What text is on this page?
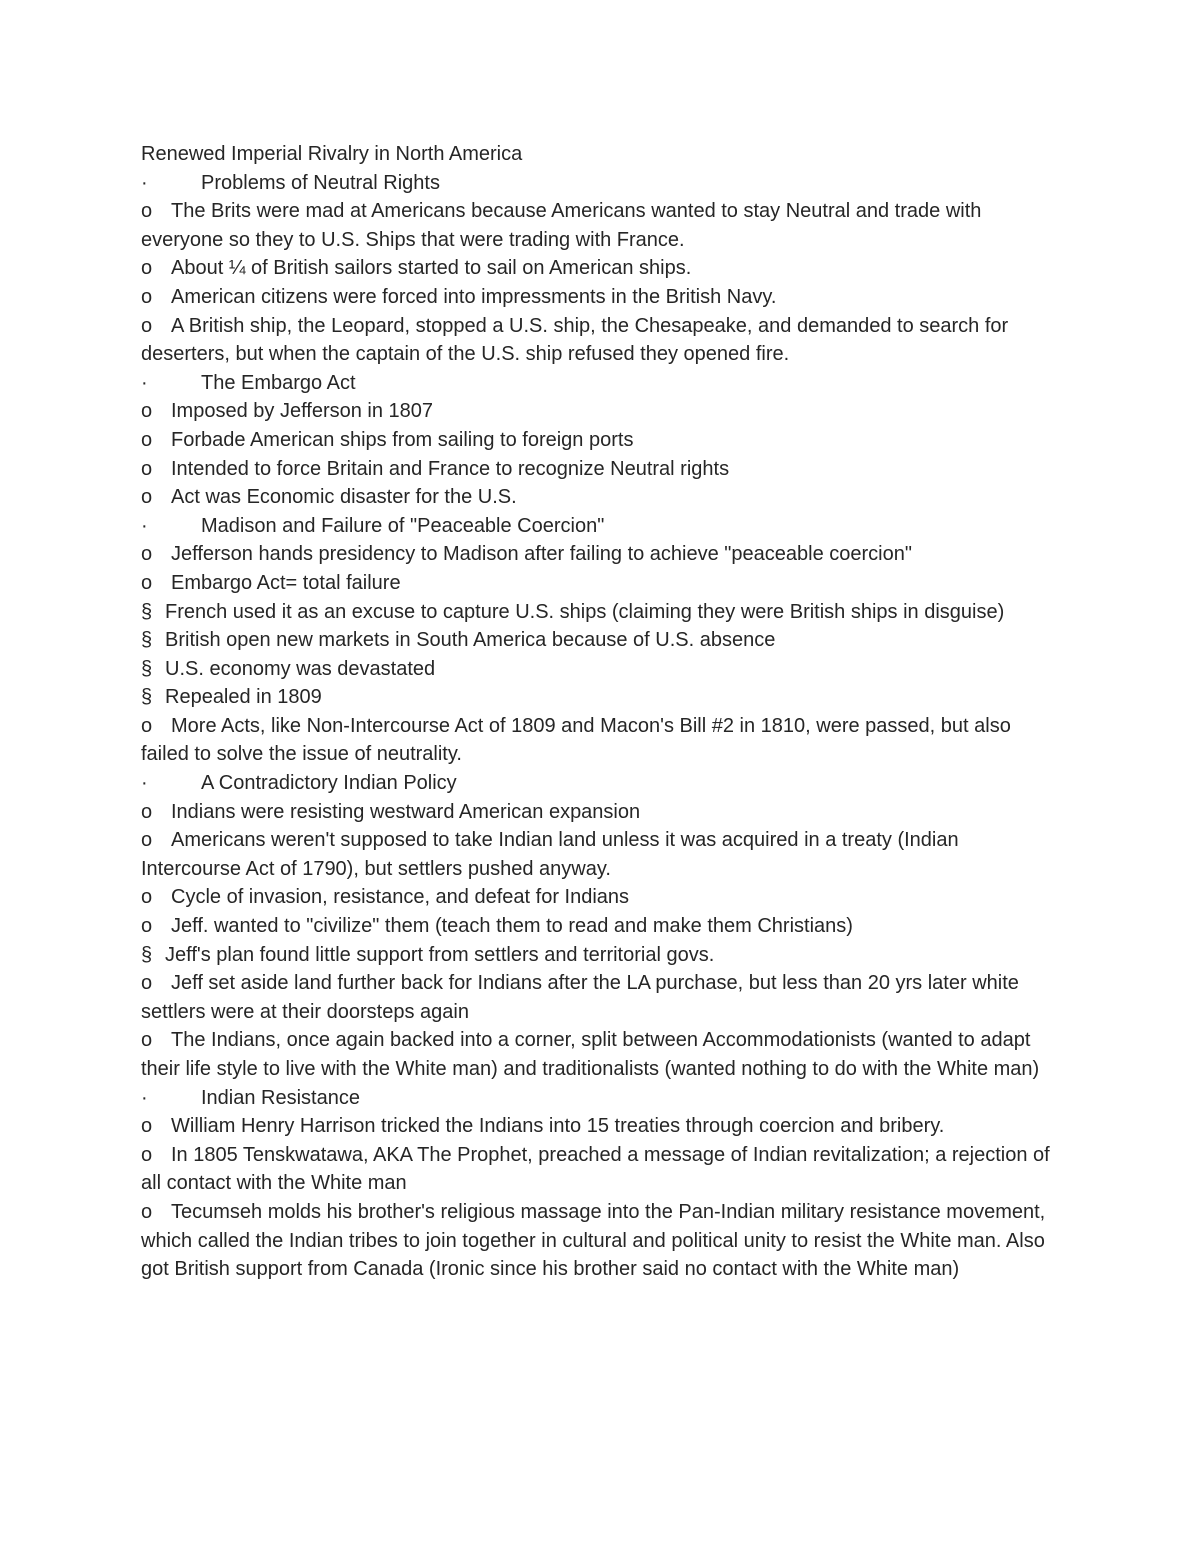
Renewed Imperial Rivalry in North America

·	Problems of Neutral Rights

o The Brits were mad at Americans because Americans wanted to stay Neutral and trade with everyone so they to U.S. Ships that were trading with France.

o About ¼ of British sailors started to sail on American ships.

o American citizens were forced into impressments in the British Navy.

o A British ship, the Leopard, stopped a U.S. ship, the Chesapeake, and demanded to search for deserters, but when the captain of the U.S. ship refused they opened fire.

·	The Embargo Act

o Imposed by Jefferson in 1807

o Forbade American ships from sailing to foreign ports

o Intended to force Britain and France to recognize Neutral rights

o Act was Economic disaster for the U.S.

·	Madison and Failure of "Peaceable Coercion"

o Jefferson hands presidency to Madison after failing to achieve "peaceable coercion"

o Embargo Act= total failure

§ French used it as an excuse to capture U.S. ships (claiming they were British ships in disguise)

§ British open new markets in South America because of U.S. absence

§ U.S. economy was devastated

§ Repealed in 1809

o More Acts, like Non-Intercourse Act of 1809 and Macon's Bill #2 in 1810, were passed, but also failed to solve the issue of neutrality.

·	A Contradictory Indian Policy

o Indians were resisting westward American expansion

o Americans weren't supposed to take Indian land unless it was acquired in a treaty (Indian Intercourse Act of 1790), but settlers pushed anyway.

o Cycle of invasion, resistance, and defeat for Indians

o Jeff. wanted to "civilize" them (teach them to read and make them Christians)

§ Jeff's plan found little support from settlers and territorial govs.

o Jeff set aside land further back for Indians after the LA purchase, but less than 20 yrs later white settlers were at their doorsteps again

o The Indians, once again backed into a corner, split between Accommodationists (wanted to adapt their life style to live with the White man) and traditionalists (wanted nothing to do with the White man)

·	Indian Resistance

o William Henry Harrison tricked the Indians into 15 treaties through coercion and bribery.

o In 1805 Tenskwatawa, AKA The Prophet, preached a message of Indian revitalization; a rejection of all contact with the White man

o Tecumseh molds his brother's religious massage into the Pan-Indian military resistance movement, which called the Indian tribes to join together in cultural and political unity to resist the White man. Also got British support from Canada (Ironic since his brother said no contact with the White man)
